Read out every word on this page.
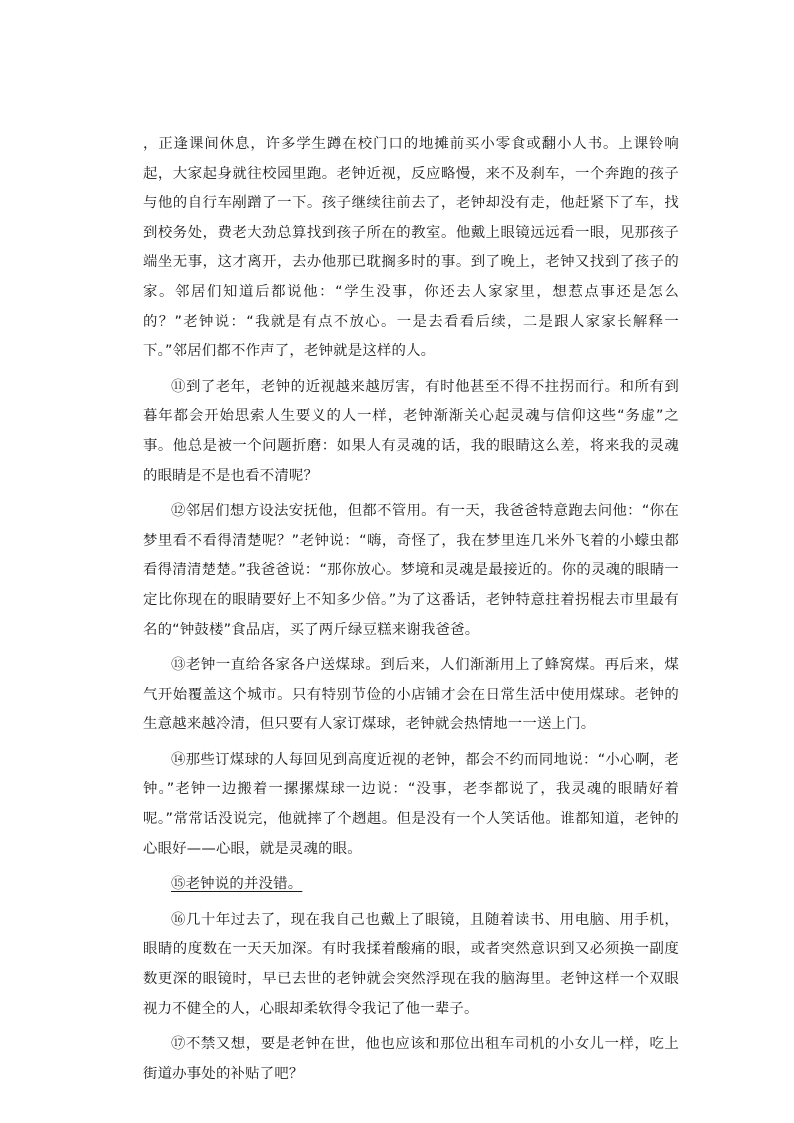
，正逢课间休息，许多学生蹲在校门口的地摊前买小零食或翻小人书。上课铃响起，大家起身就往校园里跑。老钟近视，反应略慢，来不及刹车，一个奔跑的孩子与他的自行车剐蹭了一下。孩子继续往前去了，老钟却没有走，他赶紧下了车，找到校务处，费老大劲总算找到孩子所在的教室。他戴上眼镜远远看一眼，见那孩子端坐无事，这才离开，去办他那已耽搁多时的事。到了晚上，老钟又找到了孩子的家。邻居们知道后都说他：“学生没事，你还去人家家里，想惹点事还是怎么的？”老钟说：“我就是有点不放心。一是去看看后续，二是跟人家家长解释一下。”邻居们都不作声了，老钟就是这样的人。

⑪到了老年，老钟的近视越来越厉害，有时他甚至不得不拄拐而行。和所有到暮年都会开始思索人生要义的人一样，老钟渐渐关心起灵魂与信仰这些“务虚”之事。他总是被一个问题折磨：如果人有灵魂的话，我的眼睛这么差，将来我的灵魂的眼睛是不是也看不清呢？

⑫邻居们想方设法安抚他，但都不管用。有一天，我爸爸特意跑去问他：“你在梦里看不看得清楚呢？”老钟说：“嗨，奇怪了，我在梦里连几米外飞着的小蠓虫都看得清清楚楚。”我爸爸说：“那你放心。梦境和灵魂是最接近的。你的灵魂的眼睛一定比你现在的眼睛要好上不知多少倍。”为了这番话，老钟特意拄着拐棍去市里最有名的“钟鼓楼”食品店，买了两斤绿豆糕来谢我爸爸。

⑬老钟一直给各家各户送煤球。到后来，人们渐渐用上了蜂窝煤。再后来，煤气开始覆盖这个城市。只有特别节俭的小店铺才会在日常生活中使用煤球。老钟的生意越来越冷清，但只要有人家订煤球，老钟就会热情地一一送上门。

⑭那些订煤球的人每回见到高度近视的老钟，都会不约而同地说：“小心啊，老钟。”老钟一边搬着一摞摞煤球一边说：“没事，老李都说了，我灵魂的眼睛好着呢。”常常话没说完，他就摔了个趔趄。但是没有一个人笑话他。谁都知道，老钟的心眼好——心眼，就是灵魂的眼。

⑮老钟说的并没错。

⑯几十年过去了，现在我自己也戴上了眼镜，且随着读书、用电脑、用手机，眼睛的度数在一天天加深。有时我揉着酸痛的眼，或者突然意识到又必须换一副度数更深的眼镜时，早已去世的老钟就会突然浮现在我的脑海里。老钟这样一个双眼视力不健全的人，心眼却柔软得令我记了他一辈子。

⑰不禁又想，要是老钟在世，他也应该和那位出租车司机的小女儿一样，吃上街道办事处的补贴了吧？
